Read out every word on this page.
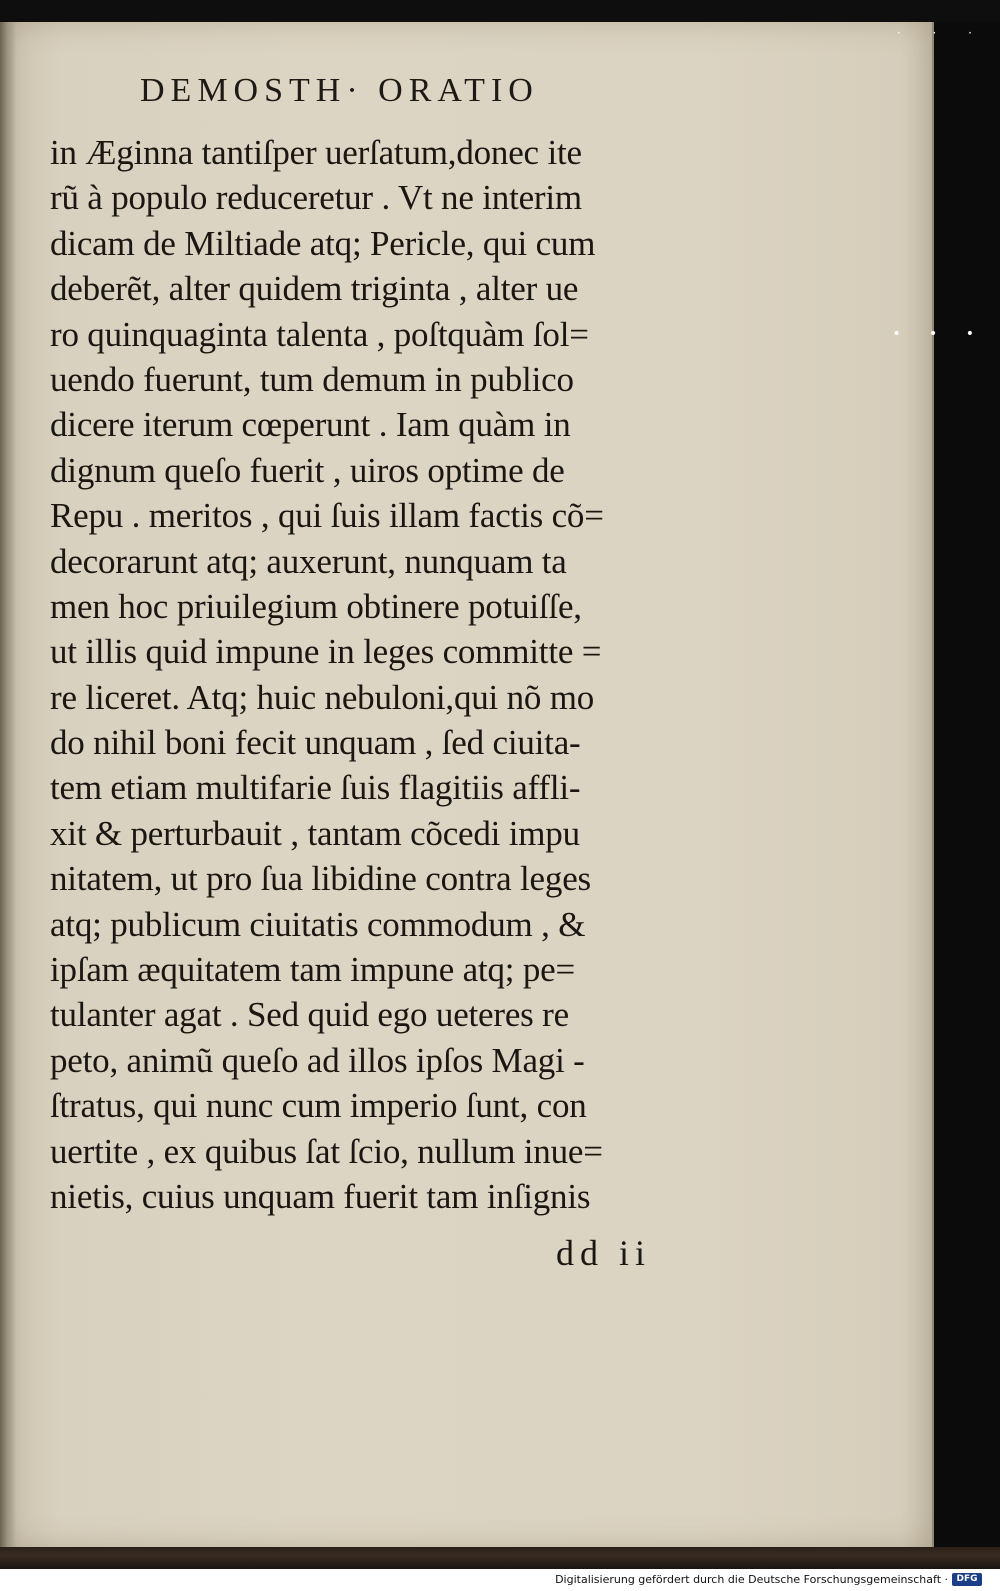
DEMOSTH· ORATIO
in Æginna tantiſper uerſatum,donec ite
rũ à populo reduceretur . Vt ne interim
dicam de Miltiade atq; Pericle, qui cum
deberẽt, alter quidem triginta , alter ue
ro quinquaginta talenta , poſtquàm ſol=
uendo fuerunt, tum demum in publico
dicere iterum cœperunt . Iam quàm in
dignum queſo fuerit , uiros optime de
Repu . meritos , qui ſuis illam factis cõ=
decorarunt atq; auxerunt, nunquam ta
men hoc priuilegium obtinere potuiſſe,
ut illis quid impune in leges committe =
re liceret. Atq; huic nebuloni,qui nõ mo
do nihil boni fecit unquam , ſed ciuita-
tem etiam multifarie ſuis flagitiis affli-
xit & perturbauit , tantam cõcedi impu
nitatem, ut pro ſua libidine contra leges
atq; publicum ciuitatis commodum , &
ipſam æquitatem tam impune atq; pe=
tulanter agat . Sed quid ego ueteres re
peto, animũ queſo ad illos ipſos Magi -
ſtratus, qui nunc cum imperio ſunt, con
uertite , ex quibus ſat ſcio, nullum inue=
nietis, cuius unquam fuerit tam inſignis
dd ii
· · ·
• • •
Digitalisierung gefördert durch die Deutsche Forschungsgemeinschaft · DFG
